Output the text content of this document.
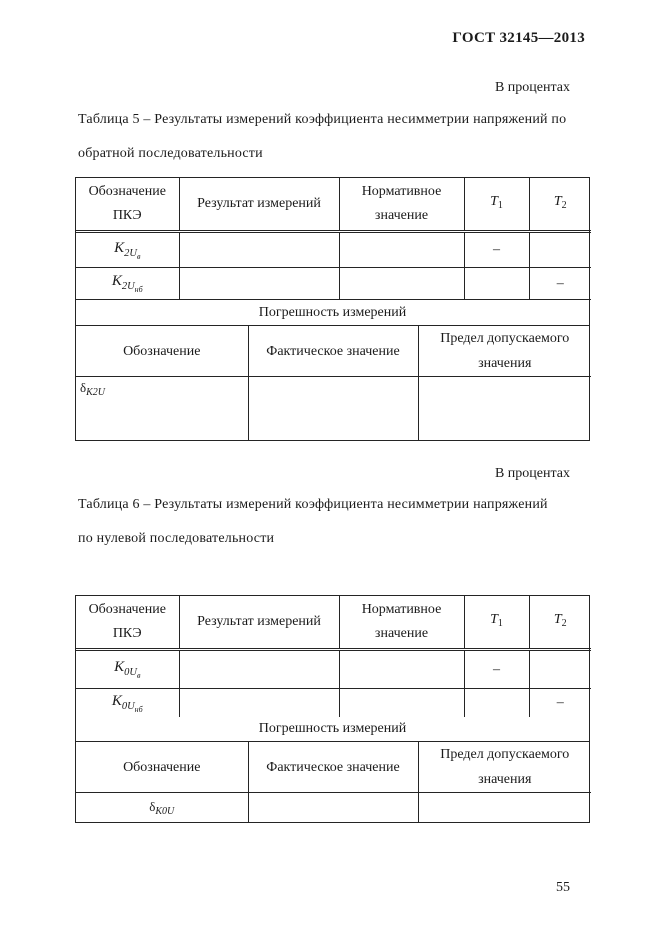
ГОСТ 32145—2013
В процентах
Таблица 5 – Результаты измерений коэффициента несимметрии напряжений по
обратной последовательности
Обозначение ПКЭ	Результат измерений	Нормативное значение	$T_1$	$T_2$
$K_{2Uв}$			–	
$K_{2Uнб}$				–
Погрешность измерений
Обозначение	Фактическое значение	Предел допускаемого значения
$\delta_{K2U}$		
В процентах
Таблица 6 – Результаты измерений коэффициента несимметрии напряжений
по нулевой последовательности
Обозначение ПКЭ	Результат измерений	Нормативное значение	$T_1$	$T_2$
$K_{0Uв}$			–	
$K_{0Uнб}$				–
Погрешность измерений
Обозначение	Фактическое значение	Предел допускаемого значения
$\delta_{K0U}$		
55
